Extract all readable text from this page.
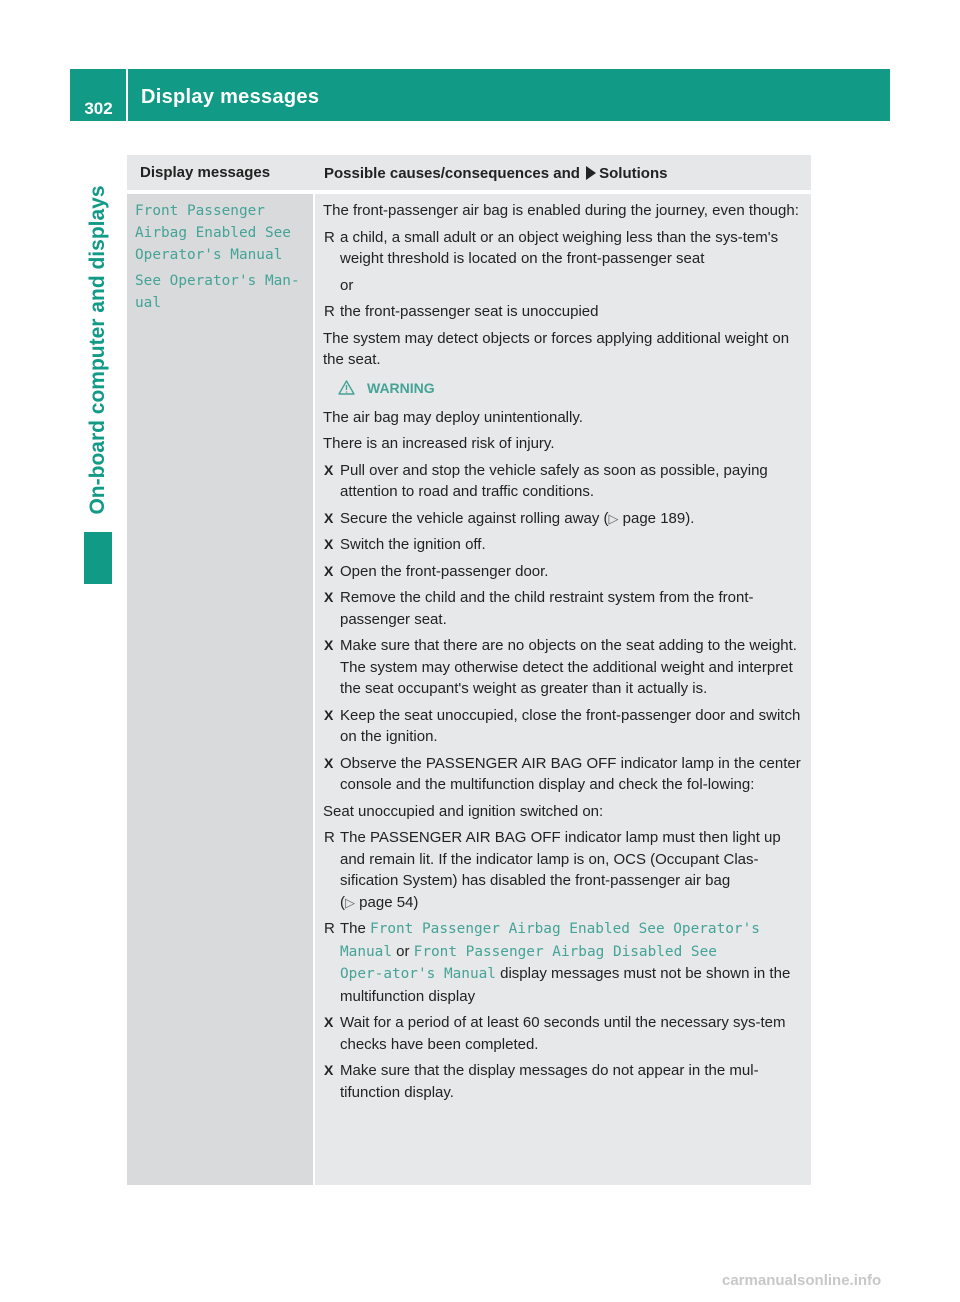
302
Display messages
On-board computer and displays
Display messages	Possible causes/consequences and Solutions
Front Passenger
Airbag Enabled See
Operator's Manual
See Operator's Man‑
ual
The front-passenger air bag is enabled during the journey, even though:
R a child, a small adult or an object weighing less than the sys-tem's weight threshold is located on the front-passenger seat
or
R the front-passenger seat is unoccupied
The system may detect objects or forces applying additional weight on the seat.
WARNING
The air bag may deploy unintentionally.
There is an increased risk of injury.
X Pull over and stop the vehicle safely as soon as possible, paying attention to road and traffic conditions.
X Secure the vehicle against rolling away (▷ page 189).
X Switch the ignition off.
X Open the front-passenger door.
X Remove the child and the child restraint system from the front-passenger seat.
X Make sure that there are no objects on the seat adding to the weight.
The system may otherwise detect the additional weight and interpret the seat occupant's weight as greater than it actually is.
X Keep the seat unoccupied, close the front-passenger door and switch on the ignition.
X Observe the PASSENGER AIR BAG OFF indicator lamp in the center console and the multifunction display and check the fol-lowing:
Seat unoccupied and ignition switched on:
R The PASSENGER AIR BAG OFF indicator lamp must then light up and remain lit. If the indicator lamp is on, OCS (Occupant Clas-sification System) has disabled the front-passenger air bag
(▷ page 54)
R The Front Passenger Airbag Enabled See Operator's Manual or Front Passenger Airbag Disabled See Oper‑ator's Manual display messages must not be shown in the multifunction display
X Wait for a period of at least 60 seconds until the necessary sys-tem checks have been completed.
X Make sure that the display messages do not appear in the mul-tifunction display.
carmanualsonline.info
